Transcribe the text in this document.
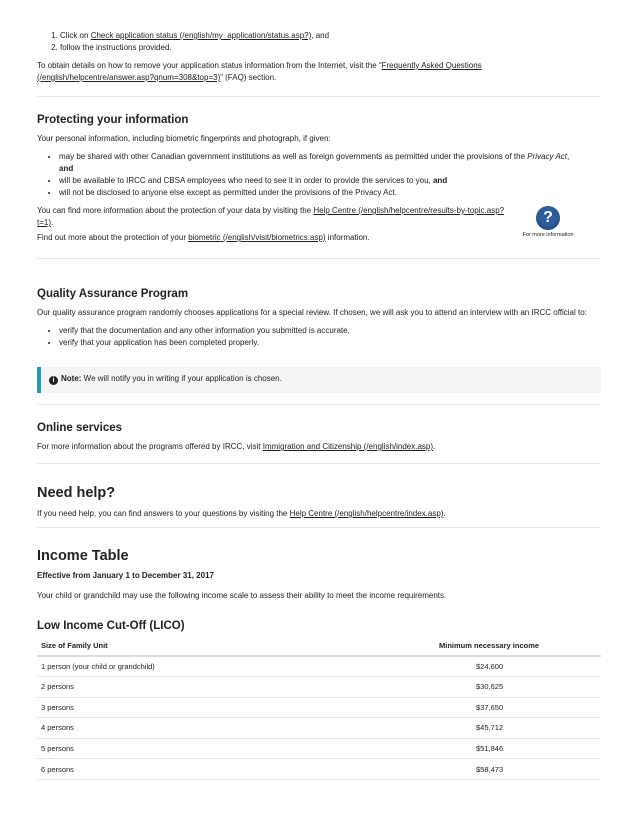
1. Click on Check application status (/english/my_application/status.asp?), and
2. follow the instructions provided.

To obtain details on how to remove your application status information from the Internet, visit the “Frequently Asked Questions
(/english/helpcentre/answer.asp?qnum=308&top=3)” (FAQ) section.

Protecting your information

Your personal information, including biometric fingerprints and photograph, if given:

• may be shared with other Canadian government institutions as well as foreign governments as permitted under the provisions of the Privacy Act,
and
• will be available to IRCC and CBSA employees who need to see it in order to provide the services to you, and
• will not be disclosed to anyone else except as permitted under the provisions of the Privacy Act.

You can find more information about the protection of your data by visiting the Help Centre (/english/helpcentre/results-by-topic.asp?t=1).

Find out more about the protection of your biometric (/english/visit/biometrics.asp) information.

?
For more information
Quality Assurance Program

Our quality assurance program randomly chooses applications for a special review. If chosen, we will ask you to attend an interview with an IRCC official to:

• verify that the documentation and any other information you submitted is accurate,
• verify that your application has been completed properly.
i Note: We will notify you in writing if your application is chosen.
Online services

For more information about the programs offered by IRCC, visit Immigration and Citizenship (/english/index.asp).

Need help?

If you need help, you can find answers to your questions by visiting the Help Centre (/english/helpcentre/index.asp).

Income Table

Effective from January 1 to December 31, 2017

Your child or grandchild may use the following income scale to assess their ability to meet the income requirements.

Low Income Cut-Off (LICO)
Size of Family Unit	Minimum necessary income
1 person (your child or grandchild)	$24,600
2 persons	$30,625
3 persons	$37,650
4 persons	$45,712
5 persons	$51,846
6 persons	$58,473
